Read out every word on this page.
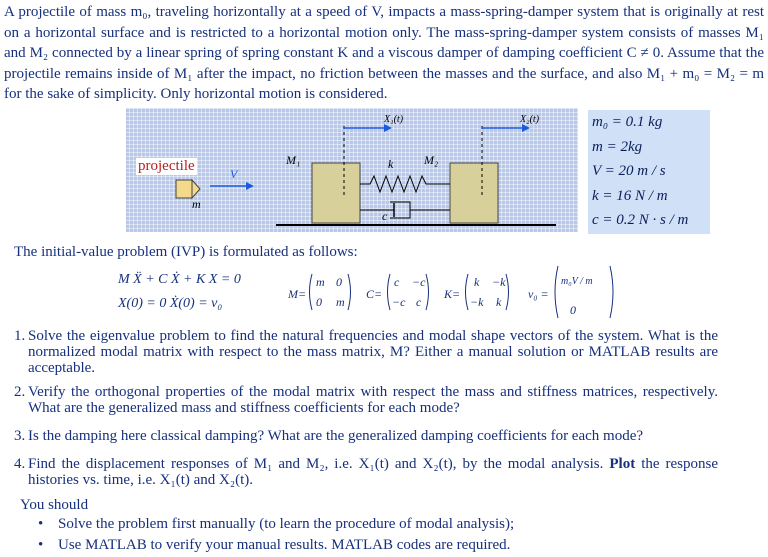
A projectile of mass m₀, traveling horizontally at a speed of V, impacts a mass-spring-damper system that is originally at rest on a horizontal surface and is restricted to a horizontal motion only. The mass-spring-damper system consists of masses M₁ and M₂ connected by a linear spring of spring constant K and a viscous damper of damping coefficient C ≠ 0. Assume that the projectile remains inside of M₁ after the impact, no friction between the masses and the surface, and also M₁ + m₀ = M₂ = m for the sake of simplicity. Only horizontal motion is considered.
X₁(t)	X₂(t)
M₁	M₂
k
c
V
m
projectile
m₀ = 0.1 kg
m = 2kg
V = 20 m / s
k = 16 N / m
c = 0.2 N · s / m
The initial-value problem (IVP) is formulated as follows:
M Ẍ + C Ẋ + K X = 0
X(0) = 0 Ẋ(0) = v₀
M=
m 0
0 m
C=
c −c
−c c
K=
k −k
−k k
v₀ =
m₀V / m
0
1. Solve the eigenvalue problem to find the natural frequencies and modal shape vectors of the system. What is the normalized modal matrix with respect to the mass matrix, M? Either a manual solution or MATLAB results are acceptable.
2. Verify the orthogonal properties of the modal matrix with respect the mass and stiffness matrices, respectively. What are the generalized mass and stiffness coefficients for each mode?
3. Is the damping here classical damping? What are the generalized damping coefficients for each mode?
4. Find the displacement responses of M₁ and M₂, i.e. X₁(t) and X₂(t), by the modal analysis. Plot the response histories vs. time, i.e. X₁(t) and X₂(t).
You should
• Solve the problem first manually (to learn the procedure of modal analysis);
• Use MATLAB to verify your manual results. MATLAB codes are required.
